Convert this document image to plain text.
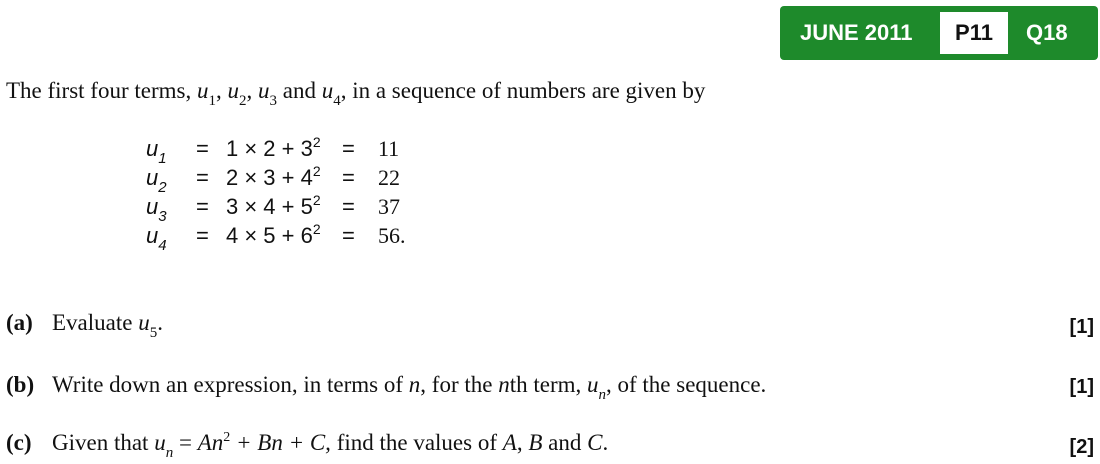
JUNE 2011	P11	Q18
The first four terms, $u_1$, $u_2$, $u_3$ and $u_4$, in a sequence of numbers are given by
$u_1 = 1 \times 2 + 3^2 = 11$
$u_2 = 2 \times 3 + 4^2 = 22$
$u_3 = 3 \times 4 + 5^2 = 37$
$u_4 = 4 \times 5 + 6^2 = 56$.
(a) Evaluate $u_5$.	[1]
(b) Write down an expression, in terms of n, for the nth term, $u_n$, of the sequence.	[1]
(c) Given that $u_n = An^2 + Bn + C$, find the values of A, B and C.	[2]
